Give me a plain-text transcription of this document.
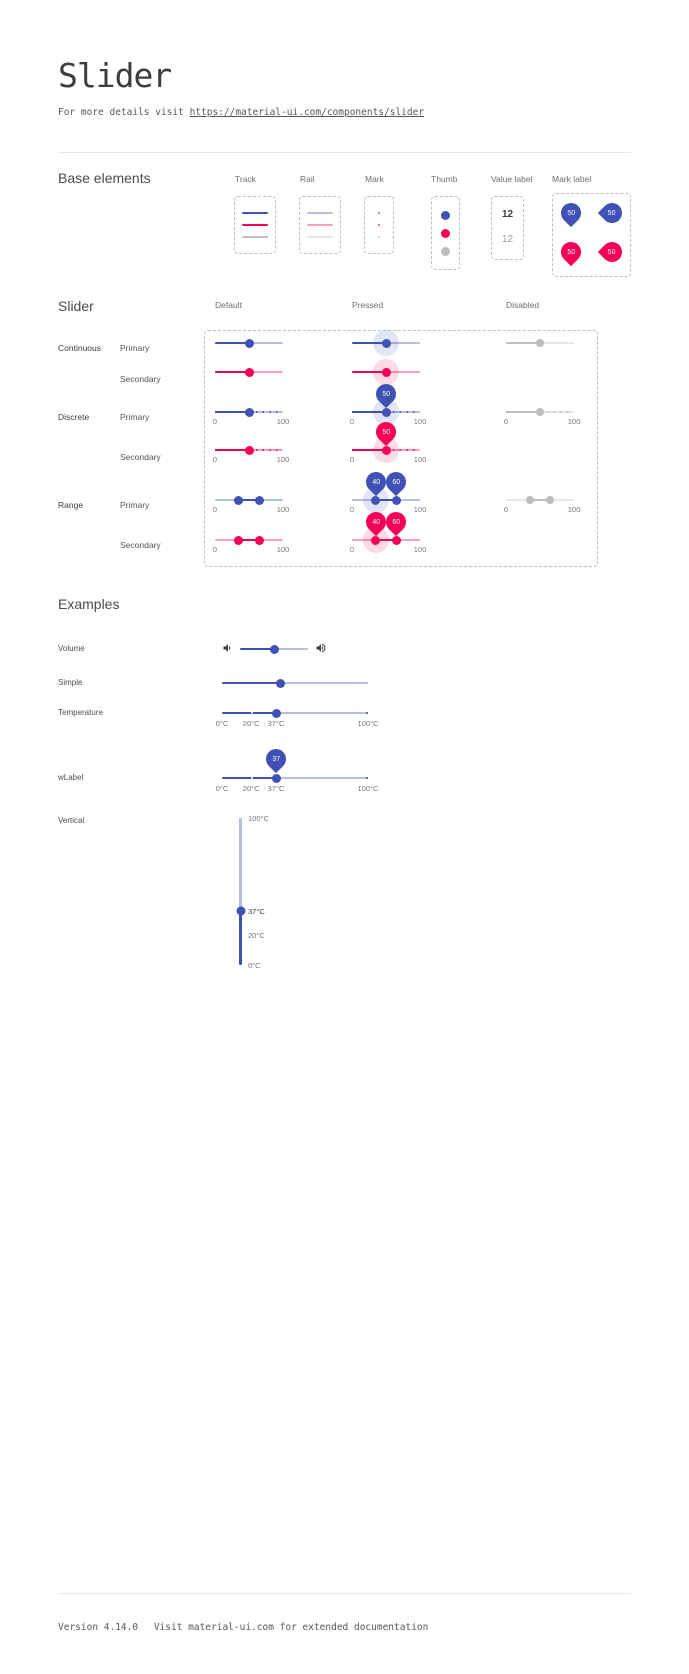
Slider
For more details visit https://material-ui.com/components/slider
Base elements	Track	Rail	Mark	Thumb	Value label Mark label
12
12
50	50
50	50
Slider	Default	Pressed	Disabled
Continuous Primary
Secondary
Discrete	Primary
Secondary
Range	Primary
Secondary
0	100
50
0	100	0	100
0	100
50
0	100
0	100
40 60
0	100	0	100
0	100
40 60
0	100
Examples
Volume
Simple
Temperature
0°C 20°C 37°C	100°C
wLabel
37
0°C 20°C 37°C	100°C
Vertical	100°C
37°C
20°C
0°C
Version 4.14.0 Visit material-ui.com for extended documentation
